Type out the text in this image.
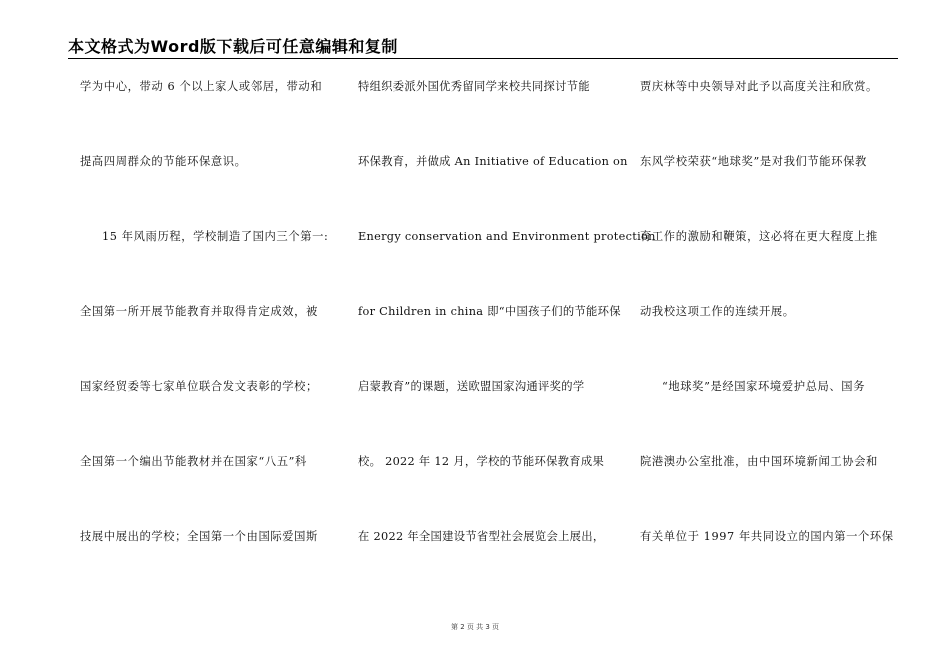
本文格式为Word版下载后可任意编辑和复制
学为中心，带动 6 个以上家人或邻居，带动和
提高四周群众的节能环保意识。
15 年风雨历程，学校制造了国内三个第一:
全国第一所开展节能教育并取得肯定成效，被
国家经贸委等七家单位联合发文表彰的学校；
全国第一个编出节能教材并在国家“八五”科
技展中展出的学校；全国第一个由国际爱国斯
特组织委派外国优秀留同学来校共同探讨节能
环保教育，并做成 An Initiative of Education on
Energy conservation and Environment protection
for Children in china 即“中国孩子们的节能环保
启蒙教育”的课题，送欧盟国家沟通评奖的学
校。 2022 年 12 月，学校的节能环保教育成果
在 2022 年全国建设节省型社会展览会上展出，
贾庆林等中央领导对此予以高度关注和欣赏。
东风学校荣获“地球奖”是对我们节能环保教
育工作的激励和鞭策，这必将在更大程度上推
动我校这项工作的连续开展。
“地球奖”是经国家环境爱护总局、国务
院港澳办公室批准，由中国环境新闻工协会和
有关单位于 1997 年共同设立的国内第一个环保
第 2 页 共 3 页
